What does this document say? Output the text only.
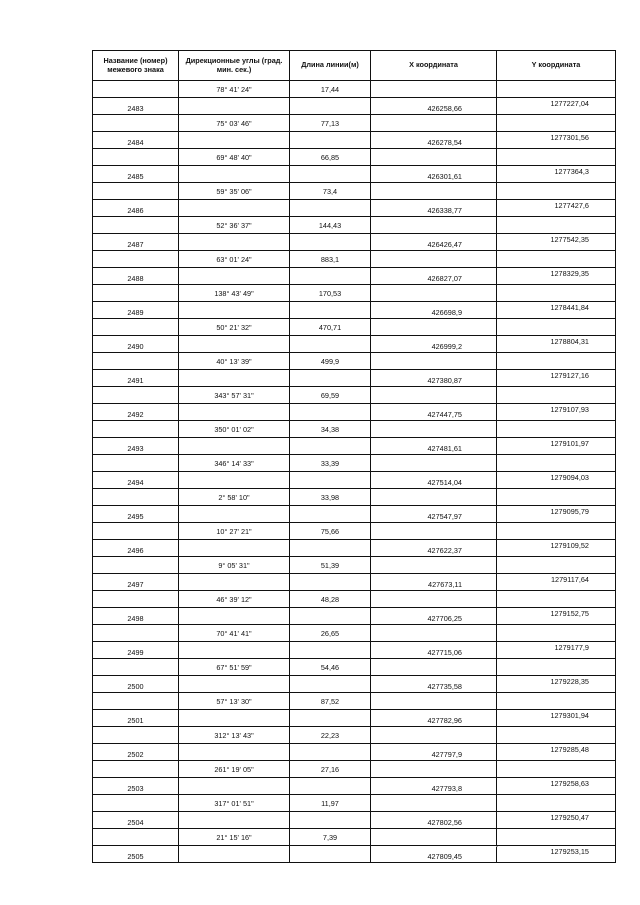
Название (номер) межевого знака	Дирекционные углы (град. мин. сек.)	Длина линии(м)	X координата	Y координата
	78° 41' 24"	17,44		
2483			426258,66	1277227,04
	75° 03' 46"	77,13		
2484			426278,54	1277301,56
	69° 48' 40"	66,85		
2485			426301,61	1277364,3
	59° 35' 06"	73,4		
2486			426338,77	1277427,6
	52° 36' 37"	144,43		
2487			426426,47	1277542,35
	63° 01' 24"	883,1		
2488			426827,07	1278329,35
	138° 43' 49"	170,53		
2489			426698,9	1278441,84
	50° 21' 32"	470,71		
2490			426999,2	1278804,31
	40° 13' 39"	499,9		
2491			427380,87	1279127,16
	343° 57' 31"	69,59		
2492			427447,75	1279107,93
	350° 01' 02"	34,38		
2493			427481,61	1279101,97
	346° 14' 33"	33,39		
2494			427514,04	1279094,03
	2° 58' 10"	33,98		
2495			427547,97	1279095,79
	10° 27' 21"	75,66		
2496			427622,37	1279109,52
	9° 05' 31"	51,39		
2497			427673,11	1279117,64
	46° 39' 12"	48,28		
2498			427706,25	1279152,75
	70° 41' 41"	26,65		
2499			427715,06	1279177,9
	67° 51' 59"	54,46		
2500			427735,58	1279228,35
	57° 13' 30"	87,52		
2501			427782,96	1279301,94
	312° 13' 43"	22,23		
2502			427797,9	1279285,48
	261° 19' 05"	27,16		
2503			427793,8	1279258,63
	317° 01' 51"	11,97		
2504			427802,56	1279250,47
	21° 15' 16"	7,39		
2505			427809,45	1279253,15
